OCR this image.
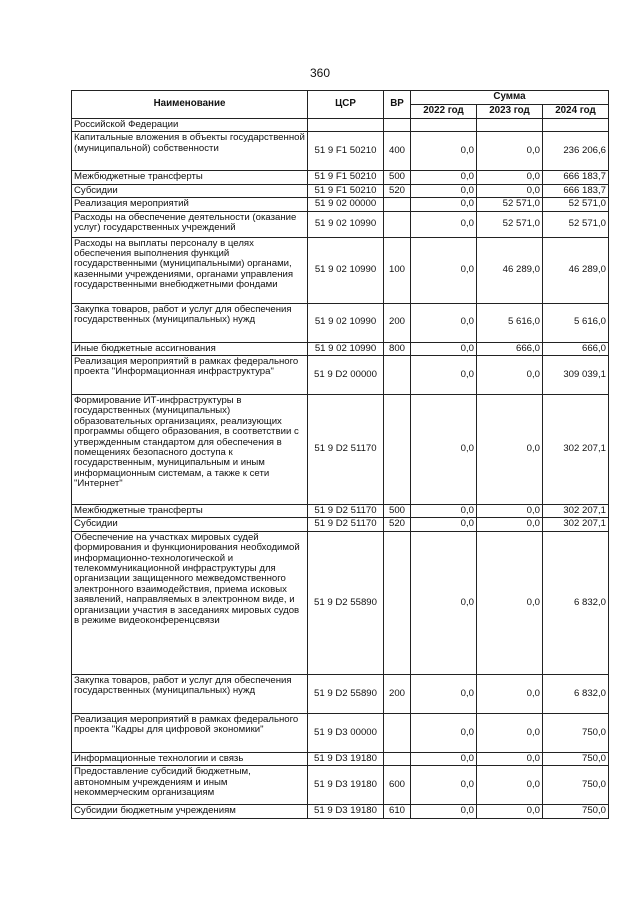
360
Наименование	ЦСР	ВР	Сумма		
			2022 год	2023 год	2024 год
Российской Федерации					
Капитальные вложения в объекты государственной (муниципальной) собственности	51 9 F1 50210	400	0,0	0,0	236 206,6
Межбюджетные трансферты	51 9 F1 50210	500	0,0	0,0	666 183,7
Субсидии	51 9 F1 50210	520	0,0	0,0	666 183,7
Реализация мероприятий	51 9 02 00000		0,0	52 571,0	52 571,0
Расходы на обеспечение деятельности (оказание услуг) государственных учреждений	51 9 02 10990		0,0	52 571,0	52 571,0
Расходы на выплаты персоналу в целях обеспечения выполнения функций государственными (муниципальными) органами, казенными учреждениями, органами управления государственными внебюджетными фондами	51 9 02 10990	100	0,0	46 289,0	46 289,0
Закупка товаров, работ и услуг для обеспечения государственных (муниципальных) нужд	51 9 02 10990	200	0,0	5 616,0	5 616,0
Иные бюджетные ассигнования	51 9 02 10990	800	0,0	666,0	666,0
Реализация мероприятий в рамках федерального проекта "Информационная инфраструктура"	51 9 D2 00000		0,0	0,0	309 039,1
Формирование ИТ-инфраструктуры в государственных (муниципальных) образовательных организациях, реализующих программы общего образования, в соответствии с утвержденным стандартом для обеспечения в помещениях безопасного доступа к государственным, муниципальным и иным информационным системам, а также к сети "Интернет"	51 9 D2 51170		0,0	0,0	302 207,1
Межбюджетные трансферты	51 9 D2 51170	500	0,0	0,0	302 207,1
Субсидии	51 9 D2 51170	520	0,0	0,0	302 207,1
Обеспечение на участках мировых судей формирования и функционирования необходимой информационно-технологической и телекоммуникационной инфраструктуры для организации защищенного межведомственного электронного взаимодействия, приема исковых заявлений, направляемых в электронном виде, и организации участия в заседаниях мировых судов в режиме видеоконференцсвязи	51 9 D2 55890		0,0	0,0	6 832,0
Закупка товаров, работ и услуг для обеспечения государственных (муниципальных) нужд	51 9 D2 55890	200	0,0	0,0	6 832,0
Реализация мероприятий в рамках федерального проекта "Кадры для цифровой экономики"	51 9 D3 00000		0,0	0,0	750,0
Информационные технологии и связь	51 9 D3 19180		0,0	0,0	750,0
Предоставление субсидий бюджетным, автономным учреждениям и иным некоммерческим организациям	51 9 D3 19180	600	0,0	0,0	750,0
Субсидии бюджетным учреждениям	51 9 D3 19180	610	0,0	0,0	750,0
